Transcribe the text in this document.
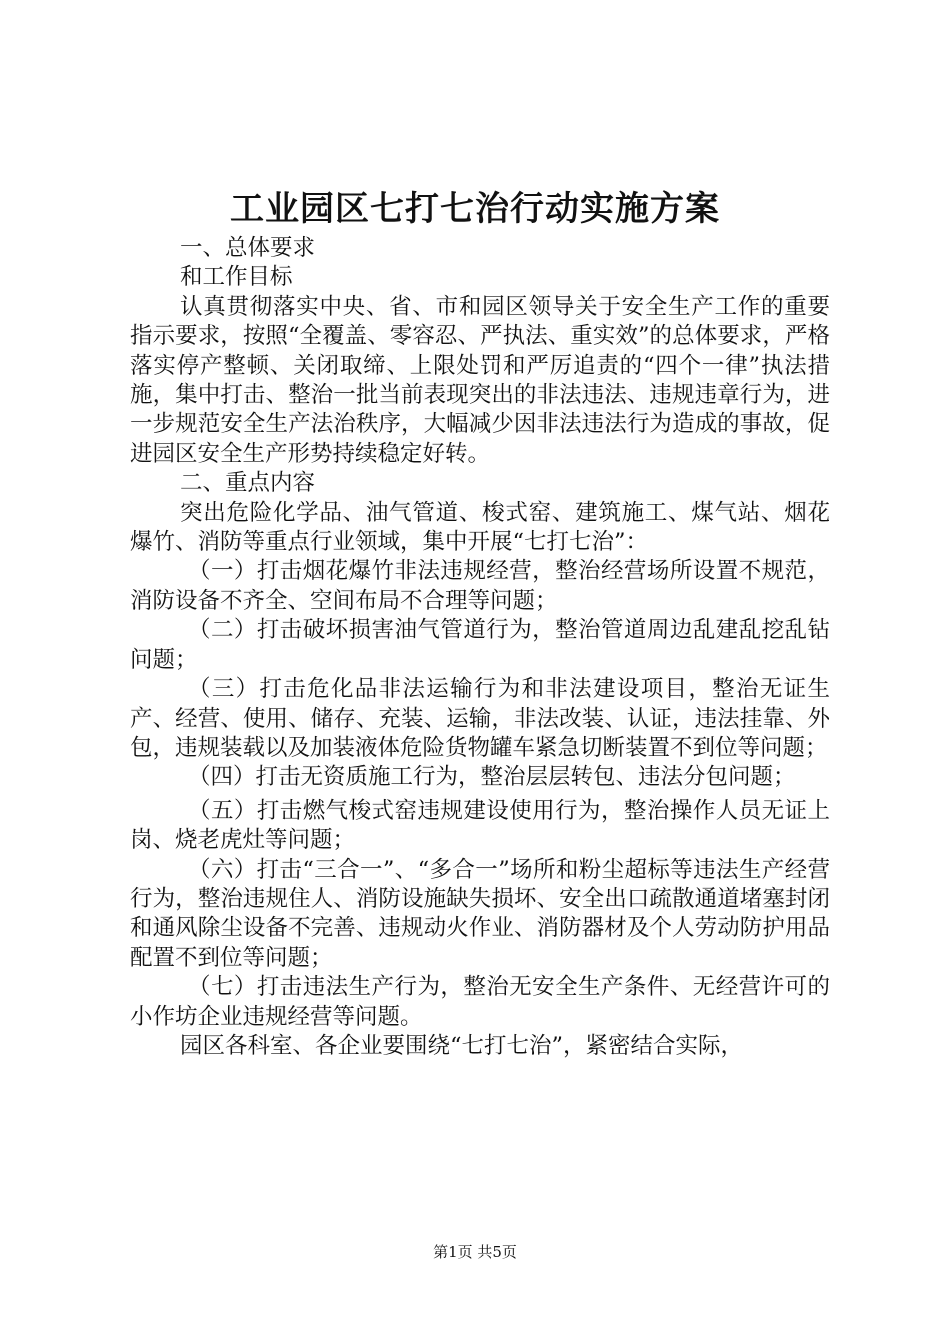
工业园区七打七治行动实施方案

一、总体要求

和工作目标

认真贯彻落实中央、省、市和园区领导关于安全生产工作的重要指示要求，按照“全覆盖、零容忍、严执法、重实效”的总体要求，严格落实停产整顿、关闭取缔、上限处罚和严厉追责的“四个一律”执法措施，集中打击、整治一批当前表现突出的非法违法、违规违章行为，进一步规范安全生产法治秩序，大幅减少因非法违法行为造成的事故，促进园区安全生产形势持续稳定好转。

二、重点内容

突出危险化学品、油气管道、梭式窑、建筑施工、煤气站、烟花爆竹、消防等重点行业领域，集中开展“七打七治”：

（一）打击烟花爆竹非法违规经营，整治经营场所设置不规范，消防设备不齐全、空间布局不合理等问题；

（二）打击破坏损害油气管道行为，整治管道周边乱建乱挖乱钻问题；

（三）打击危化品非法运输行为和非法建设项目，整治无证生产、经营、使用、储存、充装、运输，非法改装、认证，违法挂靠、外包，违规装载以及加装液体危险货物罐车紧急切断装置不到位等问题；

（四）打击无资质施工行为，整治层层转包、违法分包问题；

（五）打击燃气梭式窑违规建设使用行为，整治操作人员无证上岗、烧老虎灶等问题；

（六）打击“三合一”、“多合一”场所和粉尘超标等违法生产经营行为，整治违规住人、消防设施缺失损坏、安全出口疏散通道堵塞封闭和通风除尘设备不完善、违规动火作业、消防器材及个人劳动防护用品配置不到位等问题；

（七）打击违法生产行为，整治无安全生产条件、无经营许可的小作坊企业违规经营等问题。

园区各科室、各企业要围绕“七打七治”，紧密结合实际，

第1页 共5页
